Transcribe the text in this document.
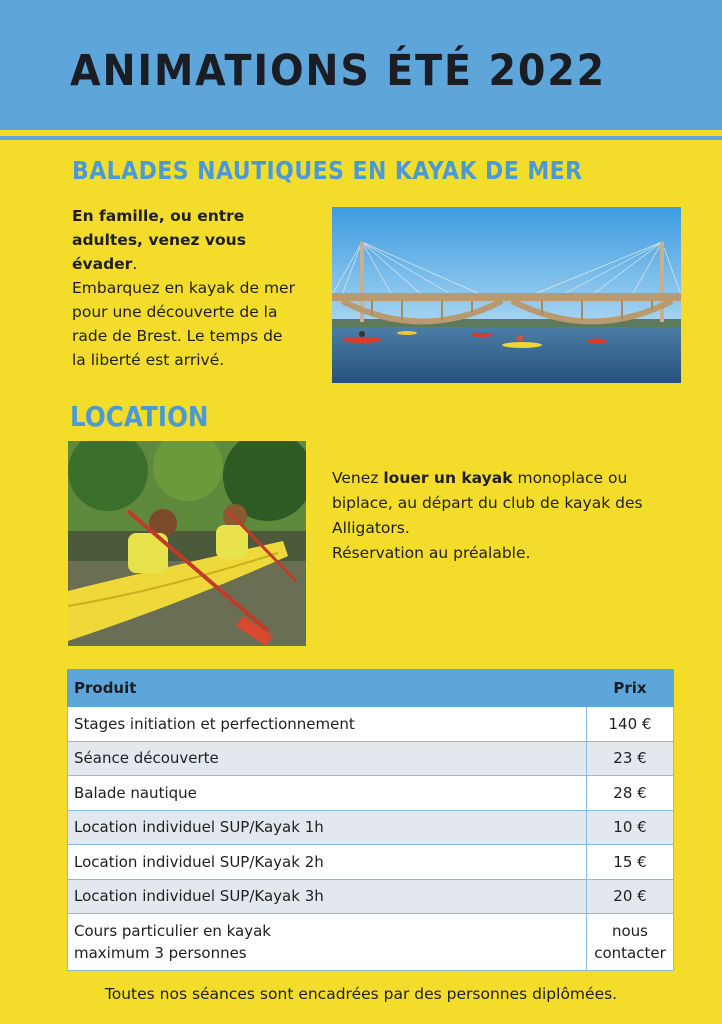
ANIMATIONS ÉTÉ 2022
BALADES NAUTIQUES EN KAYAK DE MER
En famille, ou entre
adultes, venez vous
évader.
Embarquez en kayak de mer
pour une découverte de la
rade de Brest. Le temps de
la liberté est arrivé.
LOCATION
Venez louer un kayak monoplace ou
biplace, au départ du club de kayak des
Alligators.
Réservation au préalable.
Produit	Prix
Stages initiation et perfectionnement	140 €
Séance découverte	23 €
Balade nautique	28 €
Location individuel SUP/Kayak 1h	10 €
Location individuel SUP/Kayak 2h	15 €
Location individuel SUP/Kayak 3h	20 €
Cours particulier en kayak
maximum 3 personnes	nous
contacter
Toutes nos séances sont encadrées par des personnes diplômées.
